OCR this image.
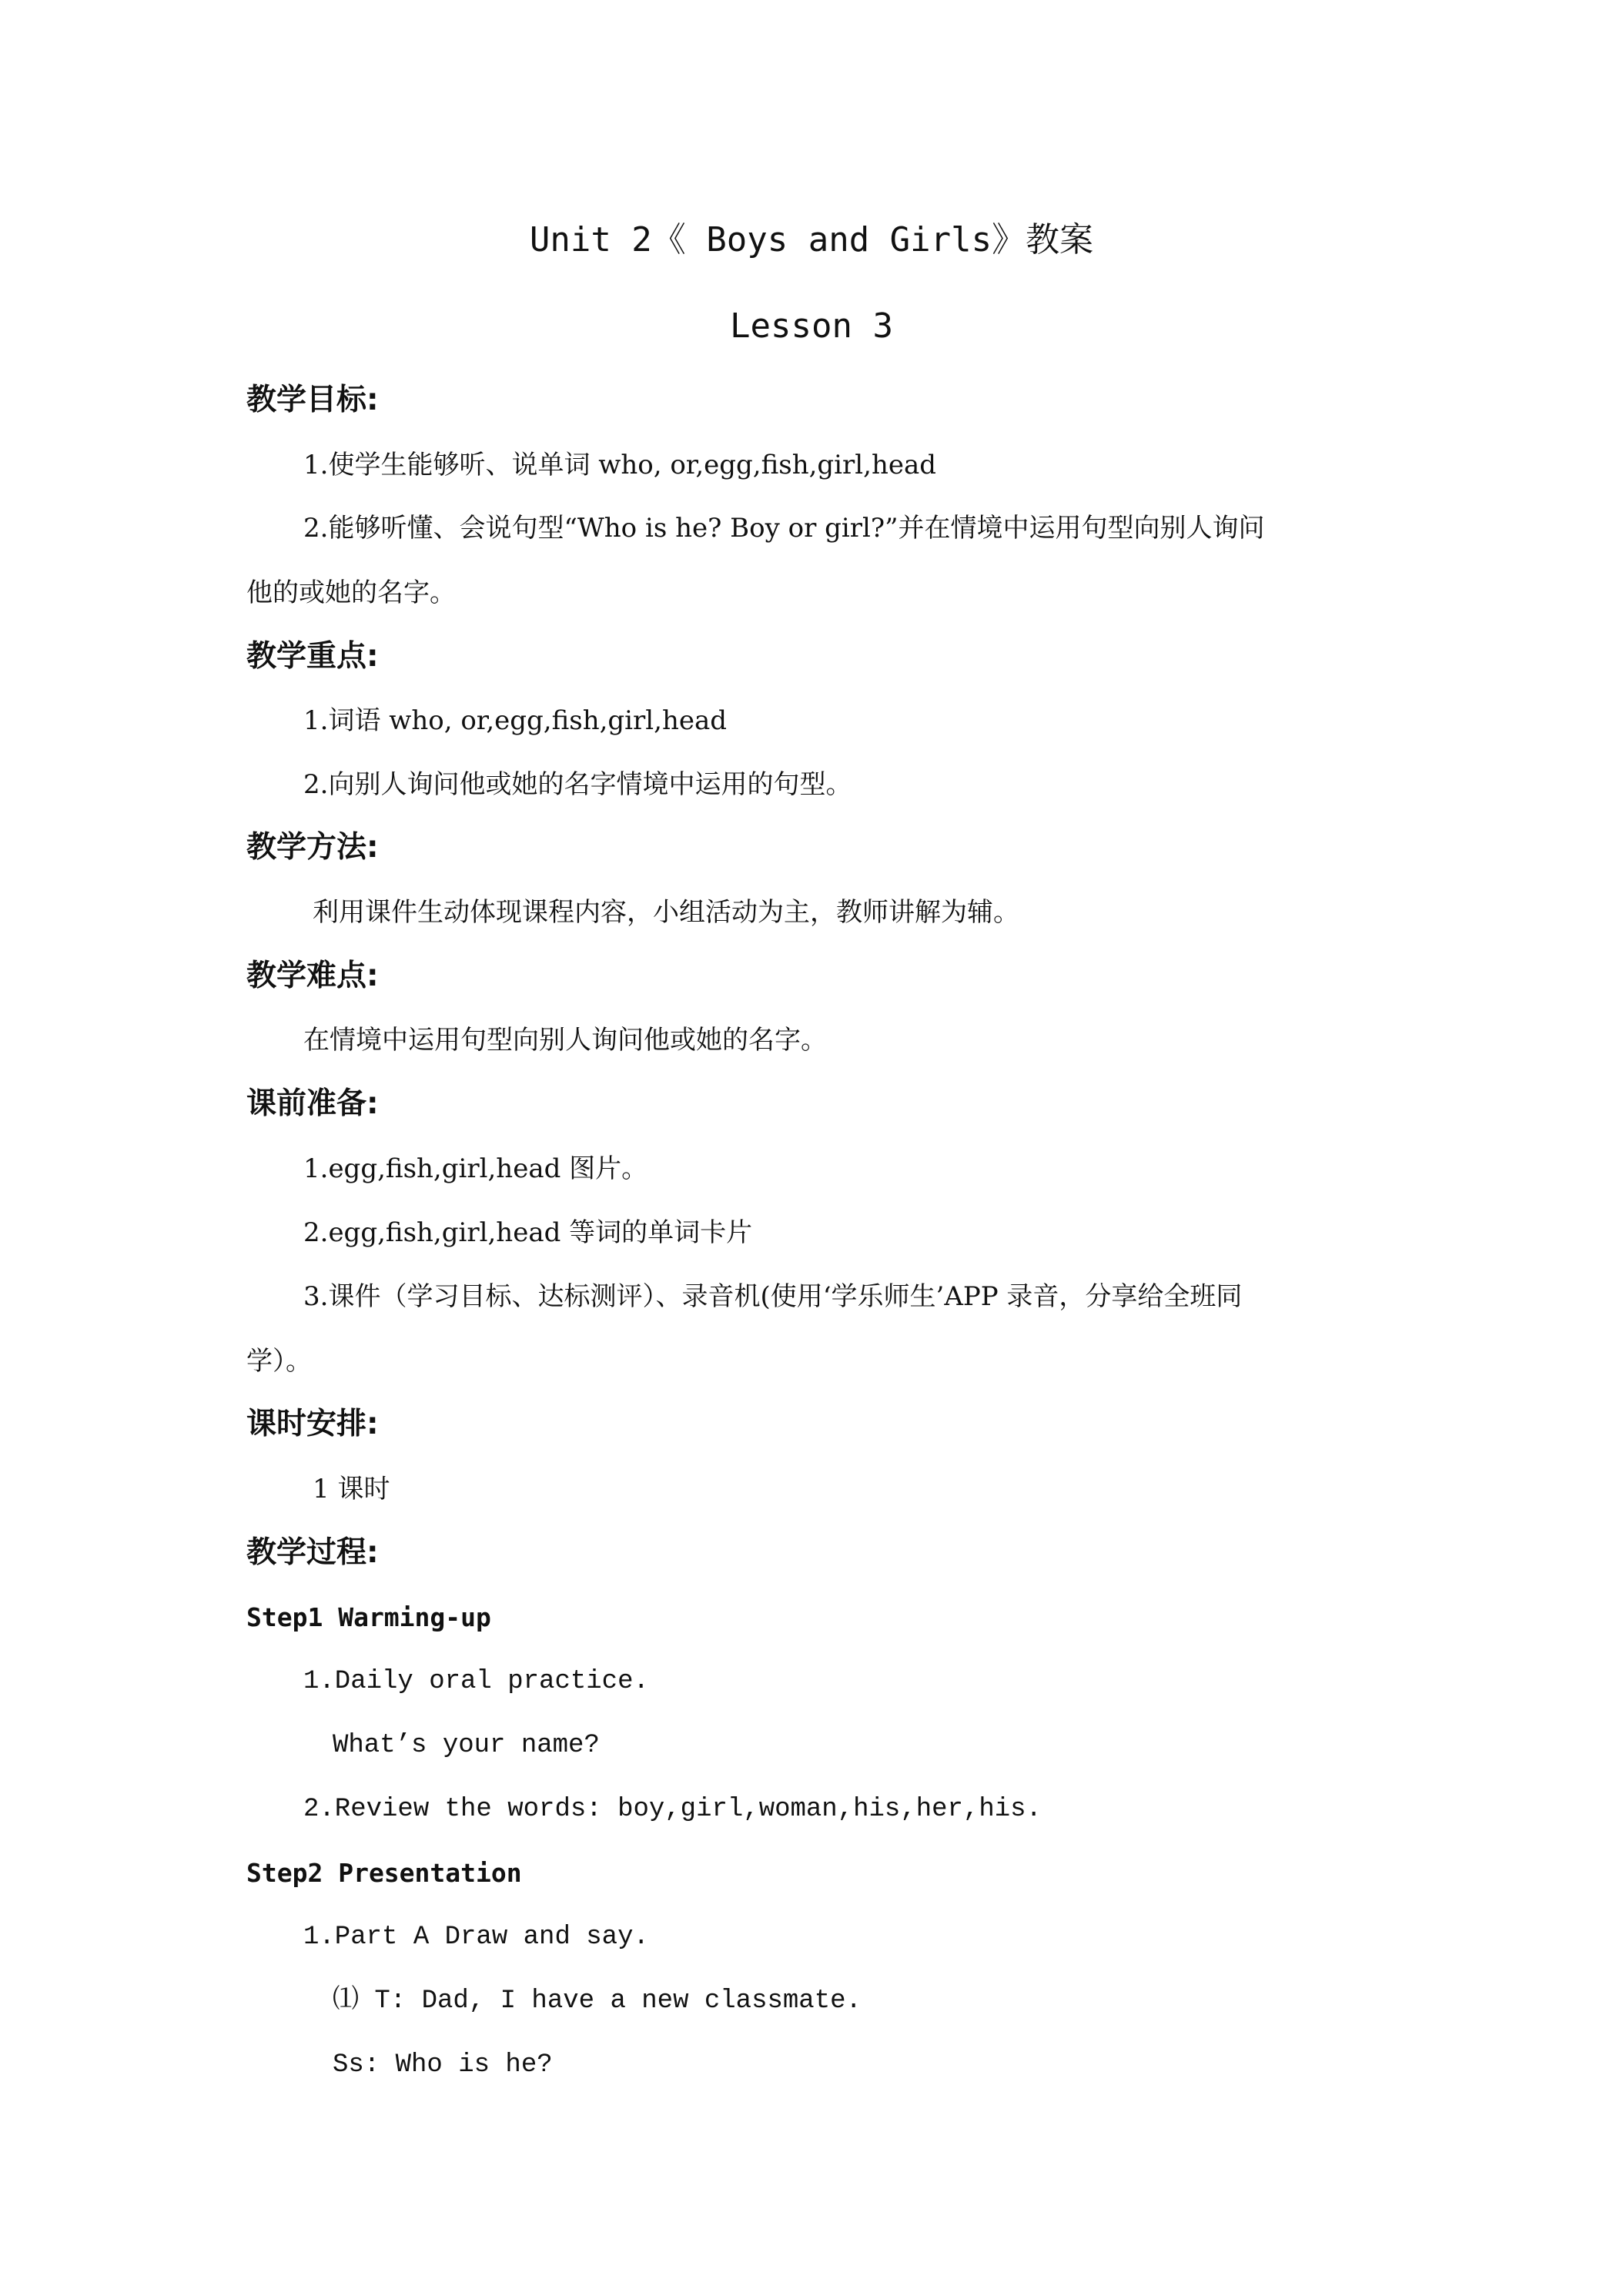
Unit 2《 Boys and Girls》教案
Lesson 3
教学目标:
1.使学生能够听、说单词 who, or,egg,fish,girl,head
2.能够听懂、会说句型“Who is he? Boy or girl?”并在情境中运用句型向别人询问
他的或她的名字。
教学重点:
1.词语 who, or,egg,fish,girl,head
2.向别人询问他或她的名字情境中运用的句型。
教学方法:
利用课件生动体现课程内容，小组活动为主，教师讲解为辅。
教学难点:
在情境中运用句型向别人询问他或她的名字。
课前准备:
1.egg,fish,girl,head 图片。
2.egg,fish,girl,head 等词的单词卡片
3.课件（学习目标、达标测评）、录音机(使用‘学乐师生’APP 录音，分享给全班同
学）。
课时安排:
1 课时
教学过程:
Step1 Warming-up
1.Daily oral practice.
What’s your name?
2.Review the words: boy,girl,woman,his,her,his.
Step2 Presentation
1.Part A Draw and say.
⑴ T: Dad, I have a new classmate.
Ss: Who is he?
